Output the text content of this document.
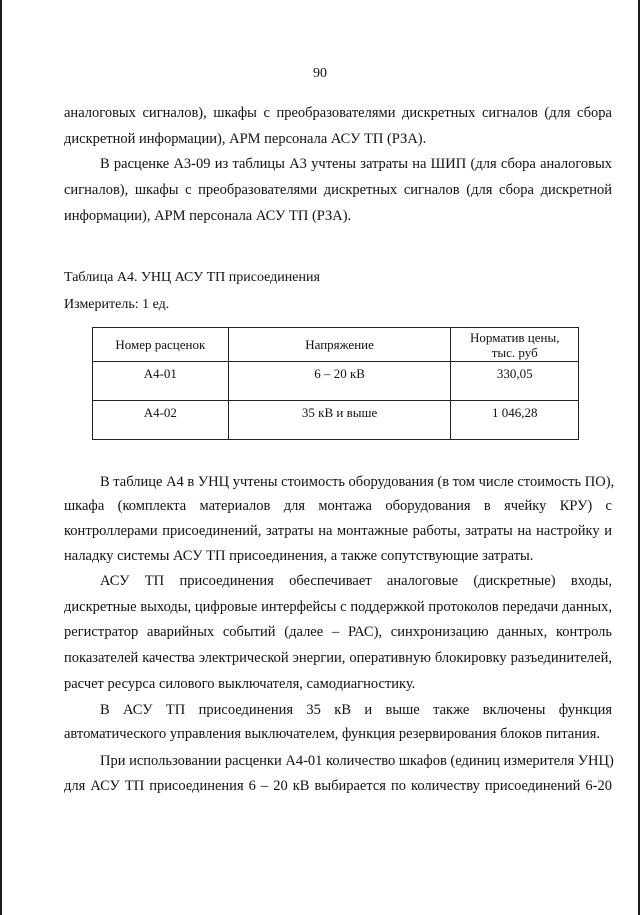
90
аналоговых сигналов), шкафы с преобразователями дискретных сигналов (для сбора
дискретной информации), АРМ персонала АСУ ТП (РЗА).
В расценке А3-09 из таблицы А3 учтены затраты на ШИП (для сбора аналоговых
сигналов), шкафы с преобразователями дискретных сигналов (для сбора дискретной
информации), АРМ персонала АСУ ТП (РЗА).
Таблица А4. УНЦ АСУ ТП присоединения
Измеритель: 1 ед.
Номер расценок	Напряжение	Норматив цены,
тыс. руб
А4-01	6 – 20 кВ	330,05
А4-02	35 кВ и выше	1 046,28
В таблице А4 в УНЦ учтены стоимость оборудования (в том числе стоимость ПО),
шкафа (комплекта материалов для монтажа оборудования в ячейку КРУ) с
контроллерами присоединений, затраты на монтажные работы, затраты на настройку и
наладку системы АСУ ТП присоединения, а также сопутствующие затраты.
АСУ ТП присоединения обеспечивает аналоговые (дискретные) входы,
дискретные выходы, цифровые интерфейсы с поддержкой протоколов передачи данных,
регистратор аварийных событий (далее – РАС), синхронизацию данных, контроль
показателей качества электрической энергии, оперативную блокировку разъединителей,
расчет ресурса силового выключателя, самодиагностику.
В АСУ ТП присоединения 35 кВ и выше также включены функция
автоматического управления выключателем, функция резервирования блоков питания.
При использовании расценки А4-01 количество шкафов (единиц измерителя УНЦ)
для АСУ ТП присоединения 6 – 20 кВ выбирается по количеству присоединений 6-20
